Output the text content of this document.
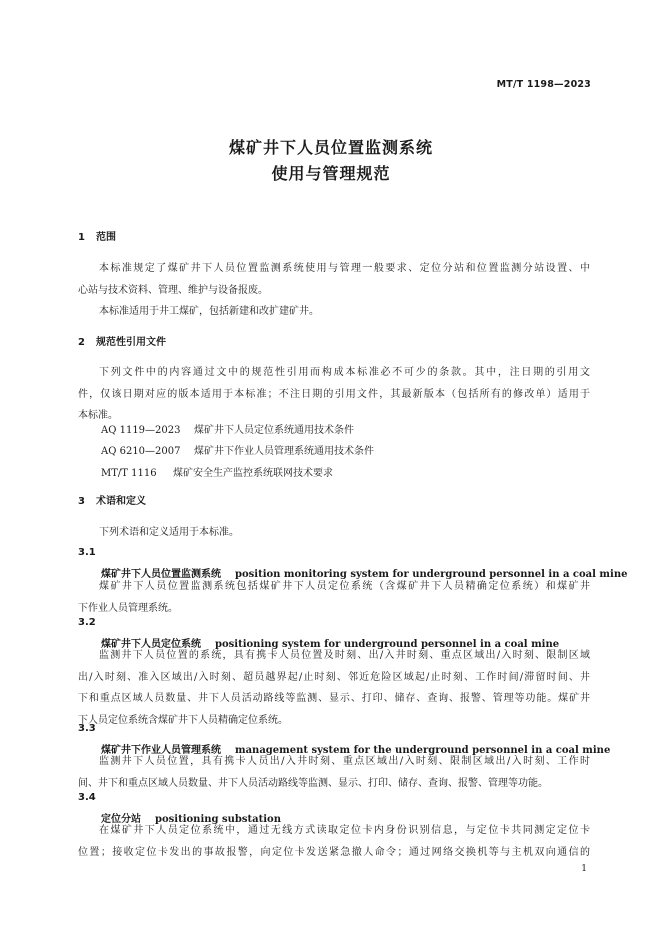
MT/T 1198—2023
煤矿井下人员位置监测系统
使用与管理规范
1 范围
本标准规定了煤矿井下人员位置监测系统使用与管理一般要求、定位分站和位置监测分站设置、中
心站与技术资料、管理、维护与设备报废。
本标准适用于井工煤矿，包括新建和改扩建矿井。
2 规范性引用文件
下列文件中的内容通过文中的规范性引用而构成本标准必不可少的条款。其中，注日期的引用文
件，仅该日期对应的版本适用于本标准；不注日期的引用文件，其最新版本（包括所有的修改单）适用于
本标准。
AQ 1119—2023 煤矿井下人员定位系统通用技术条件
AQ 6210—2007 煤矿井下作业人员管理系统通用技术条件
MT/T 1116 煤矿安全生产监控系统联网技术要求
3 术语和定义
下列术语和定义适用于本标准。
3.1
煤矿井下人员位置监测系统 position monitoring system for underground personnel in a coal mine
煤矿井下人员位置监测系统包括煤矿井下人员定位系统（含煤矿井下人员精确定位系统）和煤矿井
下作业人员管理系统。
3.2
煤矿井下人员定位系统 positioning system for underground personnel in a coal mine
监测井下人员位置的系统，具有携卡人员位置及时刻、出/入井时刻、重点区域出/入时刻、限制区域
出/入时刻、准入区域出/入时刻、超员越界起/止时刻、邻近危险区域起/止时刻、工作时间/滞留时间、井
下和重点区域人员数量、井下人员活动路线等监测、显示、打印、储存、查询、报警、管理等功能。煤矿井
下人员定位系统含煤矿井下人员精确定位系统。
3.3
煤矿井下作业人员管理系统 management system for the underground personnel in a coal mine
监测井下人员位置，具有携卡人员出/入井时刻、重点区域出/入时刻、限制区域出/入时刻、工作时
间、井下和重点区域人员数量、井下人员活动路线等监测、显示、打印、储存、查询、报警、管理等功能。
3.4
定位分站 positioning substation
在煤矿井下人员定位系统中，通过无线方式读取定位卡内身份识别信息，与定位卡共同测定定位卡
位置；接收定位卡发出的事故报警，向定位卡发送紧急撤人命令；通过网络交换机等与主机双向通信的
1
